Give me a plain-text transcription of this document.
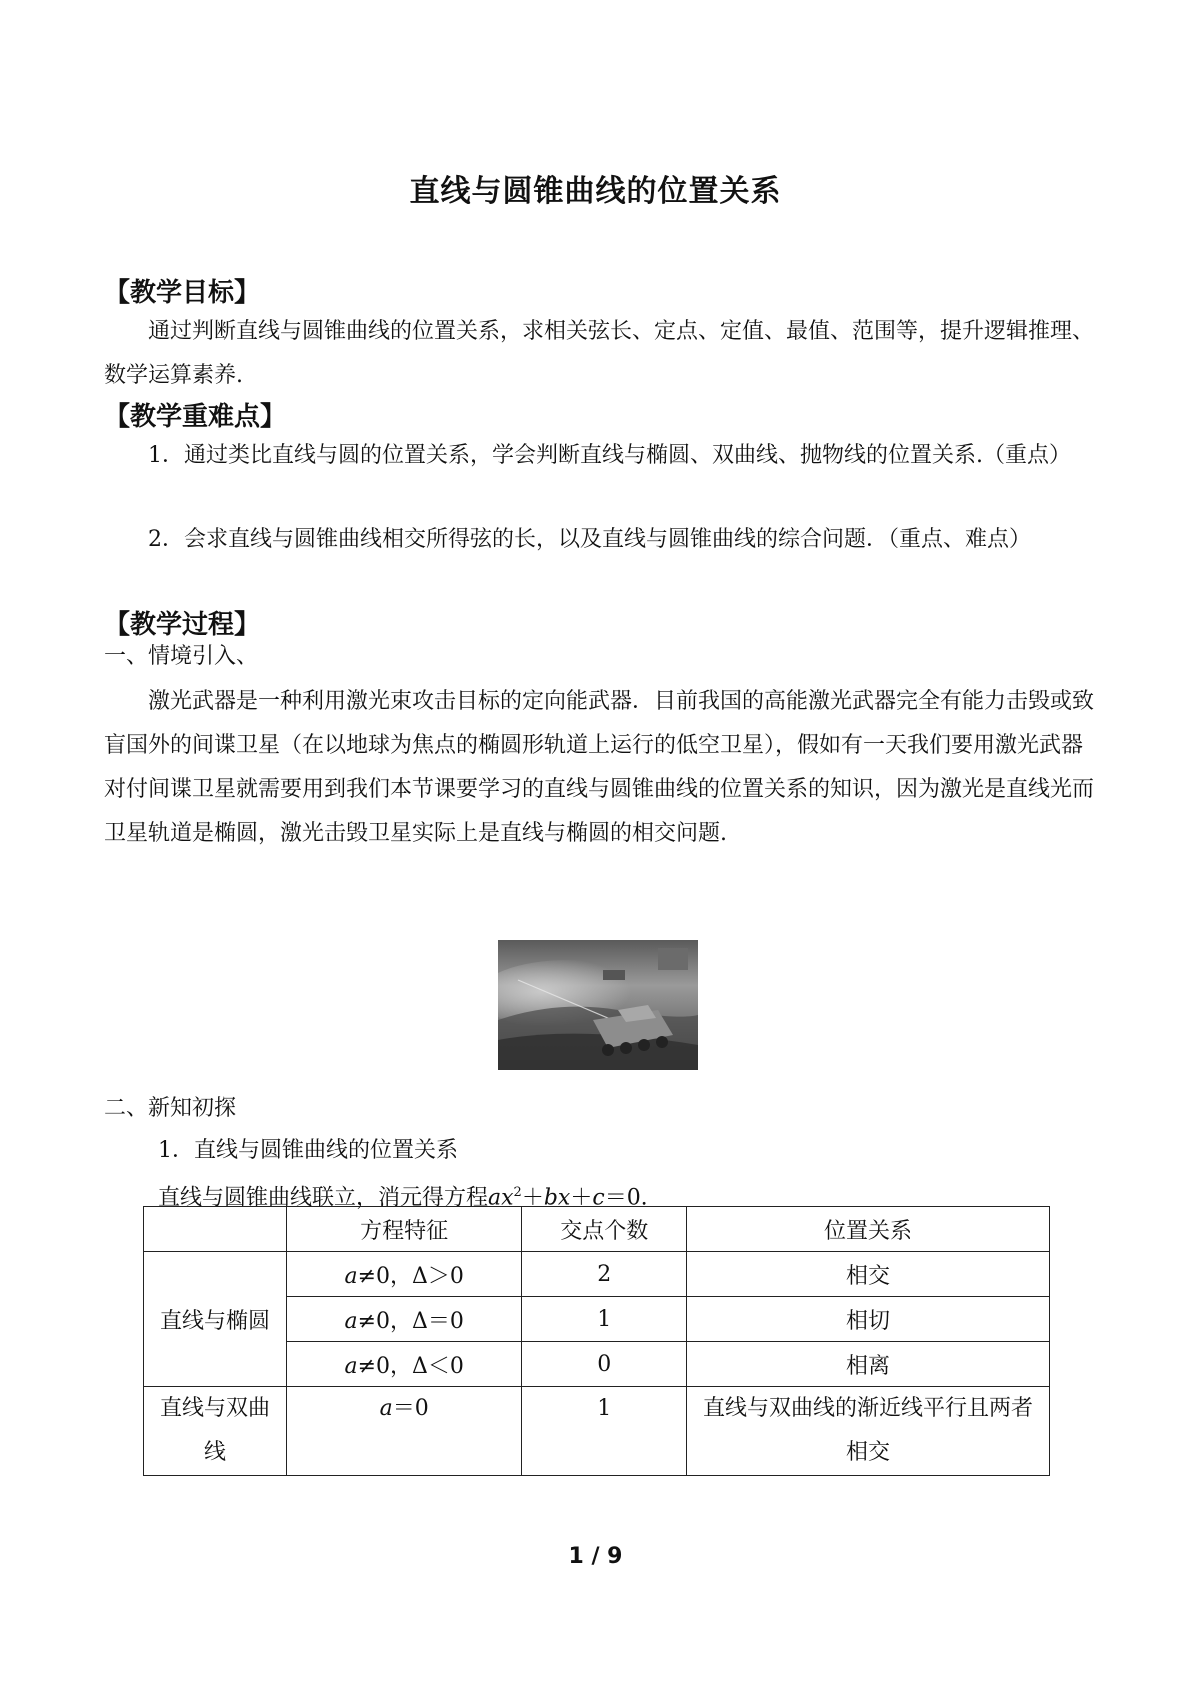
直线与圆锥曲线的位置关系
【教学目标】
通过判断直线与圆锥曲线的位置关系，求相关弦长、定点、定值、最值、范围等，提升逻辑推理、数学运算素养.
【教学重难点】
1．通过类比直线与圆的位置关系，学会判断直线与椭圆、双曲线、抛物线的位置关系.（重点）
2．会求直线与圆锥曲线相交所得弦的长，以及直线与圆锥曲线的综合问题．（重点、难点）
【教学过程】
一、情境引入、
激光武器是一种利用激光束攻击目标的定向能武器．目前我国的高能激光武器完全有能力击毁或致盲国外的间谍卫星（在以地球为焦点的椭圆形轨道上运行的低空卫星），假如有一天我们要用激光武器对付间谍卫星就需要用到我们本节课要学习的直线与圆锥曲线的位置关系的知识，因为激光是直线光而卫星轨道是椭圆，激光击毁卫星实际上是直线与椭圆的相交问题.
二、新知初探
1．直线与圆锥曲线的位置关系
直线与圆锥曲线联立，消元得方程$ax^2+bx+c=0$.
	方程特征	交点个数	位置关系
直线与椭圆	a≠0，Δ＞0	2	相交
	a≠0，Δ＝0	1	相切
	a≠0，Δ＜0	0	相离

直线与双曲线	a＝0	1	直线与双曲线的渐近线平行且两者相交
1 / 9
